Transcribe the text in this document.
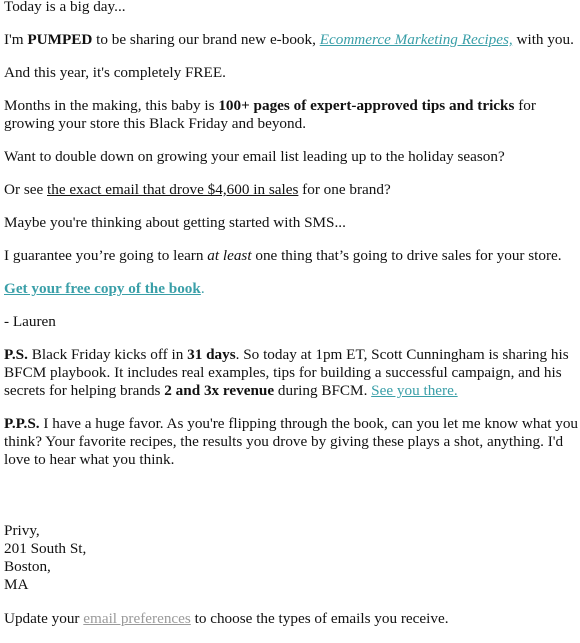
Today is a big day...

I'm PUMPED to be sharing our brand new e-book, Ecommerce Marketing Recipes, with you.

And this year, it's completely FREE.

Months in the making, this baby is 100+ pages of expert-approved tips and tricks for growing your store this Black Friday and beyond.

Want to double down on growing your email list leading up to the holiday season?

Or see the exact email that drove $4,600 in sales for one brand?

Maybe you're thinking about getting started with SMS...

I guarantee you’re going to learn at least one thing that’s going to drive sales for your store.

Get your free copy of the book.

- Lauren

P.S. Black Friday kicks off in 31 days. So today at 1pm ET, Scott Cunningham is sharing his BFCM playbook. It includes real examples, tips for building a successful campaign, and his secrets for helping brands 2 and 3x revenue during BFCM. See you there.

P.P.S. I have a huge favor. As you're flipping through the book, can you let me know what you think? Your favorite recipes, the results you drove by giving these plays a shot, anything. I'd love to hear what you think.

Privy,
201 South St,
Boston,
MA

Update your email preferences to choose the types of emails you receive.
